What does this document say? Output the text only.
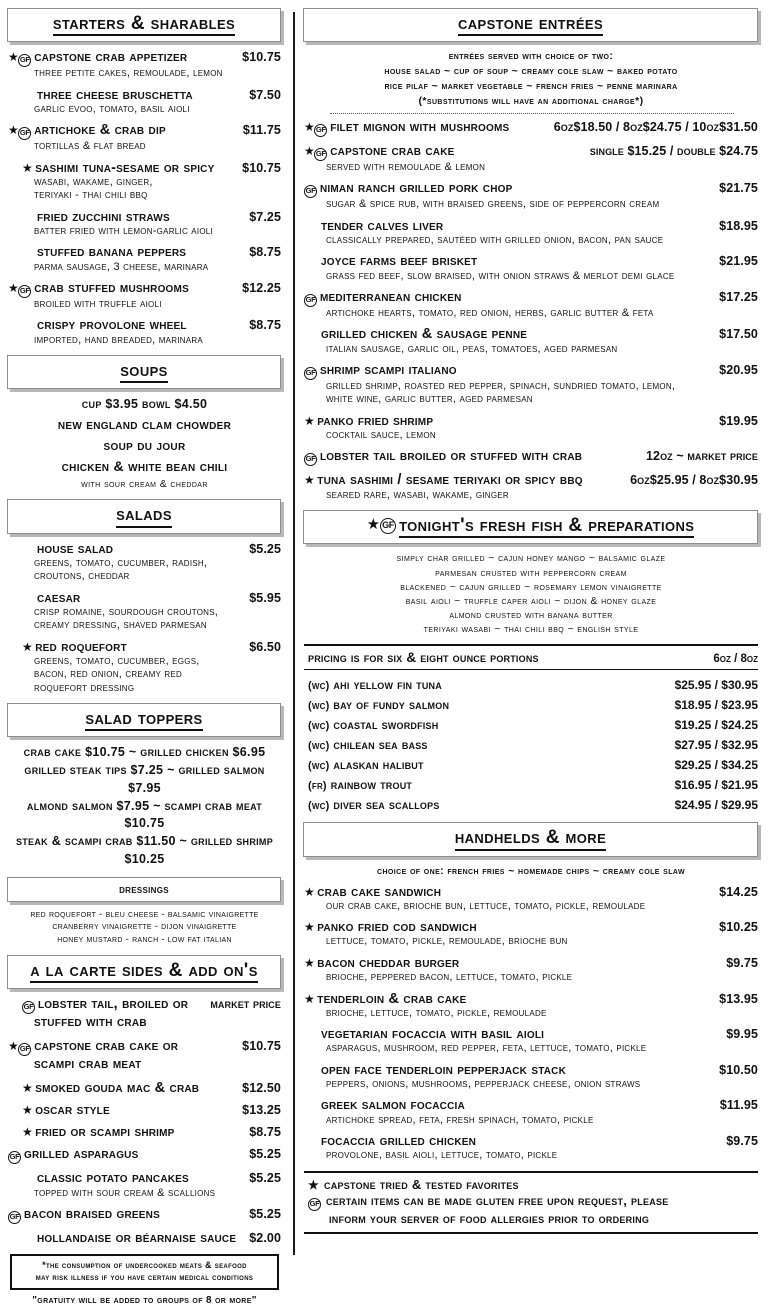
starters & sharables
★ GF capstone crab appetizer	$10.75
three petite cakes, remoulade, lemon
three cheese bruschetta	$7.50
garlic evoo, tomato, basil aioli
★ GF artichoke & crab dip	$11.75
tortillas & flat bread
★ sashimi tuna-sesame or spicy	$10.75
wasabi, wakame, ginger,
teriyaki - thai chili bbq
fried zucchini straws	$7.25
batter fried with lemon-garlic aioli
stuffed banana peppers	$8.75
parma sausage, 3 cheese, marinara
★ GF crab stuffed mushrooms	$12.25
broiled with truffle aioli
crispy provolone wheel	$8.75
imported, hand breaded, marinara
soups
cup $3.95 bowl $4.50
new england clam chowder
soup du jour
chicken & white bean chili
with sour cream & cheddar
salads
house salad	$5.25
greens, tomato, cucumber, radish,
croutons, cheddar
caesar	$5.95
crisp romaine, sourdough croutons,
creamy dressing, shaved parmesan
★ red roquefort	$6.50
greens, tomato, cucumber, eggs,
bacon, red onion, creamy red
roquefort dressing
salad toppers
crab cake $10.75 ~ grilled chicken $6.95
grilled steak tips $7.25 ~ grilled salmon $7.95
almond salmon $7.95 ~ scampi crab meat $10.75
steak & scampi crab $11.50 ~ grilled shrimp $10.25
dressings
red roquefort - bleu cheese - balsamic vinaigrette
cranberry vinaigrette - dijon vinaigrette
honey mustard - ranch - low fat italian
a la carte sides & add on's
GF lobster tail, broiled or	market price
stuffed with crab
★ GF capstone crab cake or	$10.75
scampi crab meat
★ smoked gouda mac & crab	$12.50
★ oscar style	$13.25
★ fried or scampi shrimp	$8.75
GF grilled asparagus	$5.25
classic potato pancakes	$5.25
topped with sour cream & scallions
GF bacon braised greens	$5.25
hollandaise or béarnaise sauce	$2.00
*the consumption of undercooked meats & seafood
may risk illness if you have certain medical conditions
"gratuity will be added to groups of 8 or more"
capstone entrées
entrées served with choice of two:
house salad ~ cup of soup ~ creamy cole slaw ~ baked potato
rice pilaf ~ market vegetable ~ french fries ~ penne marinara
(*substitutions will have an additional charge*)
★ GF filet mignon with mushrooms	6oz$18.50 / 8oz$24.75 / 10oz$31.50
★ GF capstone crab cake	single $15.25 / double $24.75
served with remoulade & lemon
GF niman ranch grilled pork chop	$21.75
sugar & spice rub, with braised greens, side of peppercorn cream
tender calves liver	$18.95
classically prepared, sautéed with grilled onion, bacon, pan sauce
joyce farms beef brisket	$21.95
grass fed beef, slow braised, with onion straws & merlot demi glace
GF mediterranean chicken	$17.25
artichoke hearts, tomato, red onion, herbs, garlic butter & feta
grilled chicken & sausage penne	$17.50
italian sausage, garlic oil, peas, tomatoes, aged parmesan
GF shrimp scampi italiano	$20.95
grilled shrimp, roasted red pepper, spinach, sundried tomato, lemon,
white wine, garlic butter, aged parmesan
★ panko fried shrimp	$19.95
cocktail sauce, lemon
GF lobster tail broiled or stuffed with crab	12oz ~ market price
★ tuna sashimi / sesame teriyaki or spicy bbq	6oz$25.95 / 8oz$30.95
seared rare, wasabi, wakame, ginger
★ GF tonight's fresh fish & preparations
simply char grilled ~ cajun honey mango ~ balsamic glaze
parmesan crusted with peppercorn cream
blackened ~ cajun grilled ~ rosemary lemon vinaigrette
basil aioli ~ truffle caper aioli ~ dijon & honey glaze
almond crusted with banana butter
teriyaki wasabi ~ thai chili bbq ~ english style
pricing is for six & eight ounce portions	6oz / 8oz
(wc) ahi yellow fin tuna	$25.95 / $30.95
(wc) bay of fundy salmon	$18.95 / $23.95
(wc) coastal swordfish	$19.25 / $24.25
(wc) chilean sea bass	$27.95 / $32.95
(wc) alaskan halibut	$29.25 / $34.25
(fr) rainbow trout	$16.95 / $21.95
(wc) diver sea scallops	$24.95 / $29.95
handhelds & more
choice of one: french fries ~ homemade chips ~ creamy cole slaw
★ crab cake sandwich	$14.25
our crab cake, brioche bun, lettuce, tomato, pickle, remoulade
★ panko fried cod sandwich	$10.25
lettuce, tomato, pickle, remoulade, brioche bun
★ bacon cheddar burger	$9.75
brioche, peppered bacon, lettuce, tomato, pickle
★ tenderloin & crab cake	$13.95
brioche, lettuce, tomato, pickle, remoulade
vegetarian focaccia with basil aioli	$9.95
asparagus, mushroom, red pepper, feta, lettuce, tomato, pickle
open face tenderloin pepperjack stack	$10.50
peppers, onions, mushrooms, pepperjack cheese, onion straws
greek salmon focaccia	$11.95
artichoke spread, feta, fresh spinach, tomato, pickle
focaccia grilled chicken	$9.75
provolone, basil aioli, lettuce, tomato, pickle
★ capstone tried & tested favorites
GF certain items can be made gluten free upon request, please
inform your server of food allergies prior to ordering
